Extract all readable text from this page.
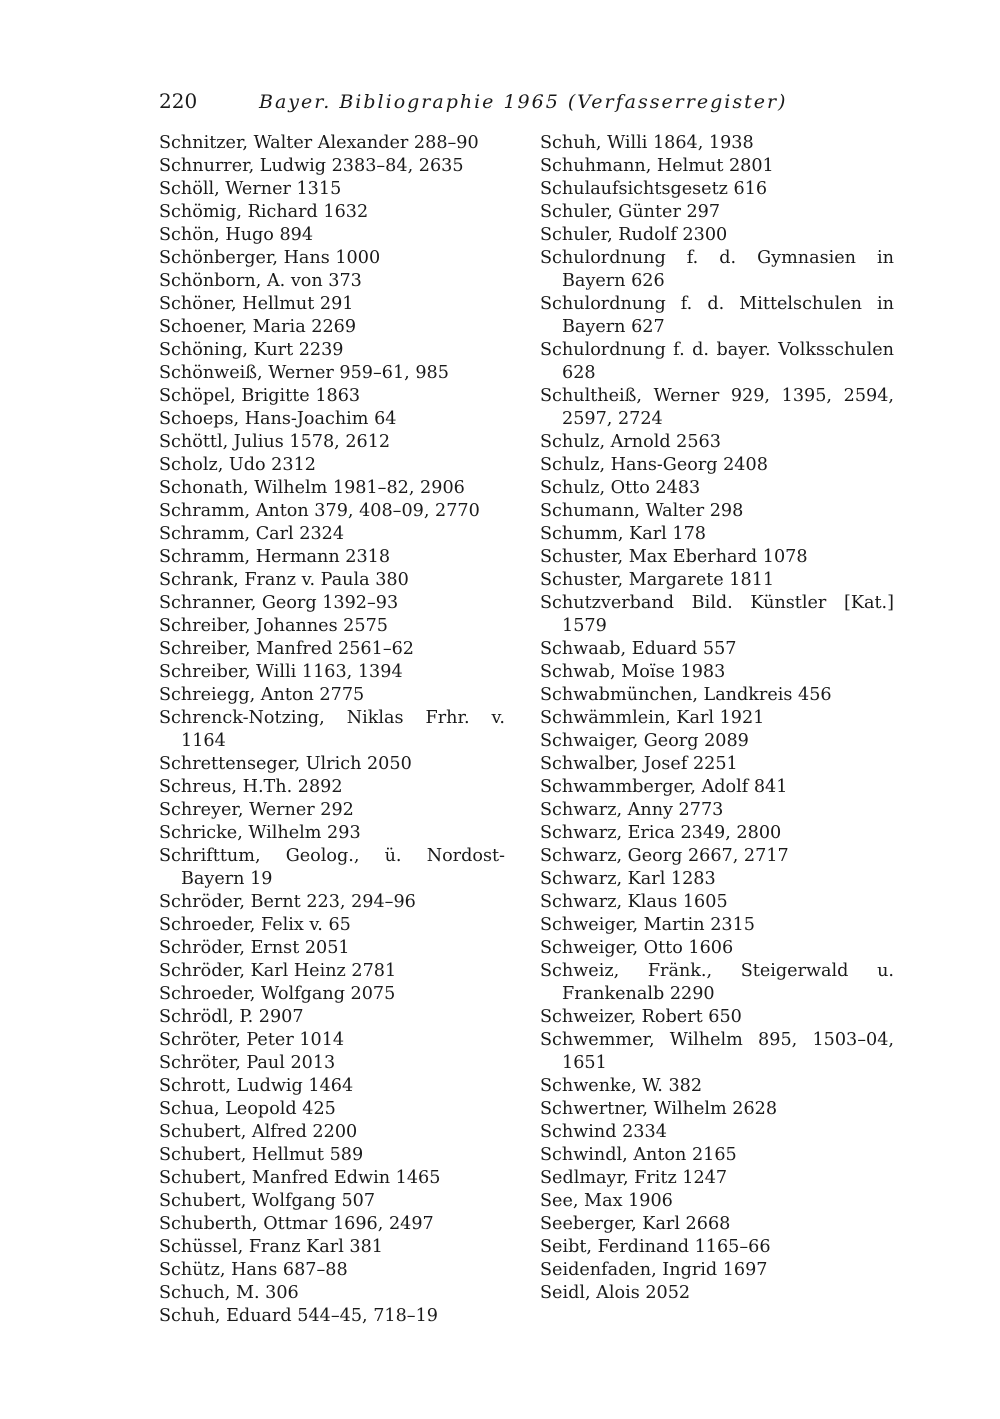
220	Bayer. Bibliographie 1965 (Verfasserregister)
Schnitzer, Walter Alexander 288–90
Schnurrer, Ludwig 2383–84, 2635
Schöll, Werner 1315
Schömig, Richard 1632
Schön, Hugo 894
Schönberger, Hans 1000
Schönborn, A. von 373
Schöner, Hellmut 291
Schoener, Maria 2269
Schöning, Kurt 2239
Schönweiß, Werner 959–61, 985
Schöpel, Brigitte 1863
Schoeps, Hans-Joachim 64
Schöttl, Julius 1578, 2612
Scholz, Udo 2312
Schonath, Wilhelm 1981–82, 2906
Schramm, Anton 379, 408–09, 2770
Schramm, Carl 2324
Schramm, Hermann 2318
Schrank, Franz v. Paula 380
Schranner, Georg 1392–93
Schreiber, Johannes 2575
Schreiber, Manfred 2561–62
Schreiber, Willi 1163, 1394
Schreiegg, Anton 2775
Schrenck-Notzing, Niklas Frhr. v. 1164
Schrettenseger, Ulrich 2050
Schreus, H.Th. 2892
Schreyer, Werner 292
Schricke, Wilhelm 293
Schrifttum, Geolog., ü. Nordost-Bayern 19
Schröder, Bernt 223, 294–96
Schroeder, Felix v. 65
Schröder, Ernst 2051
Schröder, Karl Heinz 2781
Schroeder, Wolfgang 2075
Schrödl, P. 2907
Schröter, Peter 1014
Schröter, Paul 2013
Schrott, Ludwig 1464
Schua, Leopold 425
Schubert, Alfred 2200
Schubert, Hellmut 589
Schubert, Manfred Edwin 1465
Schubert, Wolfgang 507
Schuberth, Ottmar 1696, 2497
Schüssel, Franz Karl 381
Schütz, Hans 687–88
Schuch, M. 306
Schuh, Eduard 544–45, 718–19
Schuh, Willi 1864, 1938
Schuhmann, Helmut 2801
Schulaufsichtsgesetz 616
Schuler, Günter 297
Schuler, Rudolf 2300
Schulordnung f. d. Gymnasien in Bayern 626
Schulordnung f. d. Mittelschulen in Bayern 627
Schulordnung f. d. bayer. Volksschulen 628
Schultheiß, Werner 929, 1395, 2594, 2597, 2724
Schulz, Arnold 2563
Schulz, Hans-Georg 2408
Schulz, Otto 2483
Schumann, Walter 298
Schumm, Karl 178
Schuster, Max Eberhard 1078
Schuster, Margarete 1811
Schutzverband Bild. Künstler [Kat.] 1579
Schwaab, Eduard 557
Schwab, Moïse 1983
Schwabmünchen, Landkreis 456
Schwämmlein, Karl 1921
Schwaiger, Georg 2089
Schwalber, Josef 2251
Schwammberger, Adolf 841
Schwarz, Anny 2773
Schwarz, Erica 2349, 2800
Schwarz, Georg 2667, 2717
Schwarz, Karl 1283
Schwarz, Klaus 1605
Schweiger, Martin 2315
Schweiger, Otto 1606
Schweiz, Fränk., Steigerwald u. Frankenalb 2290
Schweizer, Robert 650
Schwemmer, Wilhelm 895, 1503–04, 1651
Schwenke, W. 382
Schwertner, Wilhelm 2628
Schwind 2334
Schwindl, Anton 2165
Sedlmayr, Fritz 1247
See, Max 1906
Seeberger, Karl 2668
Seibt, Ferdinand 1165–66
Seidenfaden, Ingrid 1697
Seidl, Alois 2052
